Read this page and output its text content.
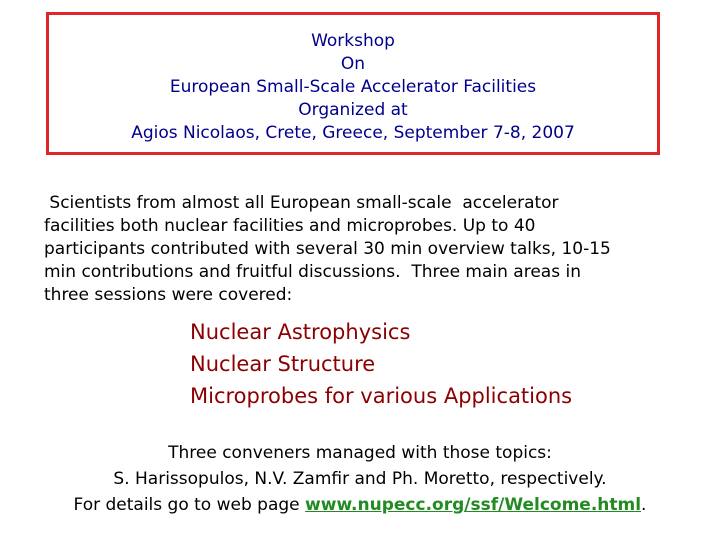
Workshop
On
European Small-Scale Accelerator Facilities
Organized at
Agios Nicolaos, Crete, Greece, September 7-8, 2007
Scientists from almost all European small-scale  accelerator
facilities both nuclear facilities and microprobes. Up to 40
participants contributed with several 30 min overview talks, 10-15
min contributions and fruitful discussions.  Three main areas in
three sessions were covered:
Nuclear Astrophysics
Nuclear Structure
Microprobes for various Applications
Three conveners managed with those topics:
S. Harissopulos, N.V. Zamfir and Ph. Moretto, respectively.
For details go to web page www.nupecc.org/ssf/Welcome.html.
